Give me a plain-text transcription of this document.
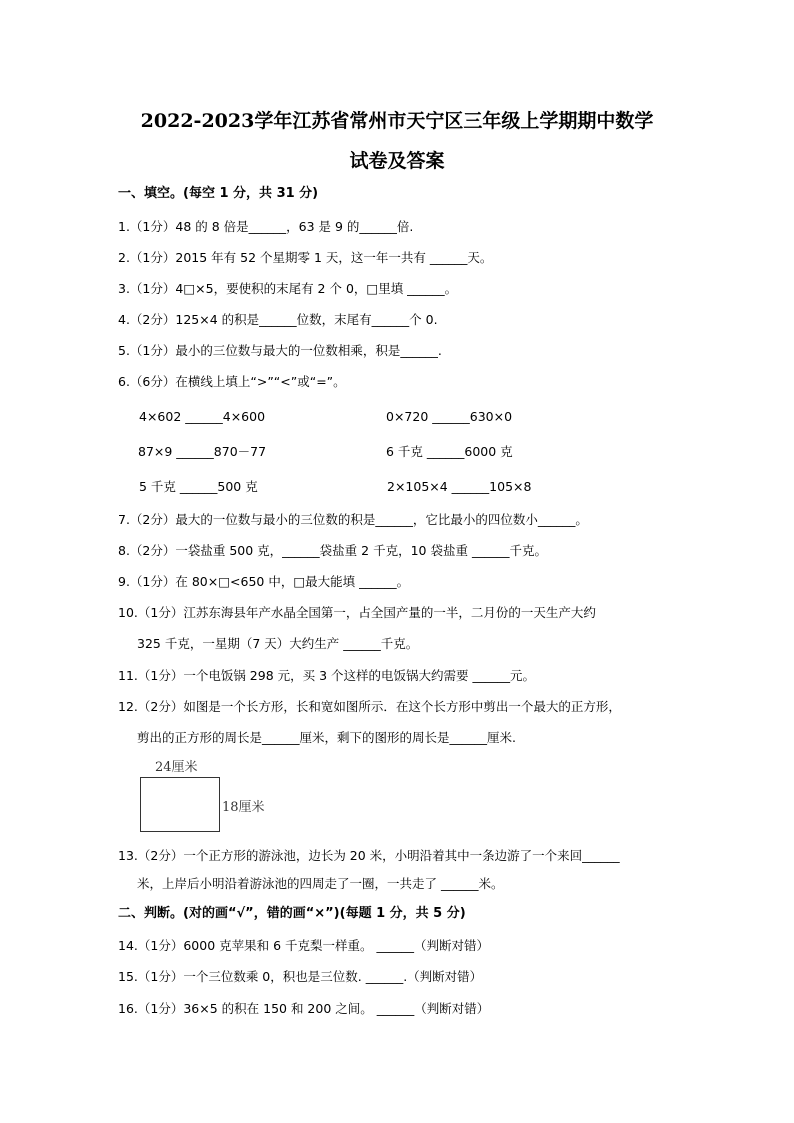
2022-2023学年江苏省常州市天宁区三年级上学期期中数学
试卷及答案
一、填空。(每空 1 分，共 31 分)
1.（1分）48 的 8 倍是______，63 是 9 的______倍.
2.（1分）2015 年有 52 个星期零 1 天，这一年一共有 ______天。
3.（1分）4□×5，要使积的末尾有 2 个 0，□里填 ______。
4.（2分）125×4 的积是______位数，末尾有______个 0.
5.（1分）最小的三位数与最大的一位数相乘，积是______.
6.（6分）在横线上填上“>”“<”或“=”。
4×602 ______4×600	0×720 ______630×0
87×9 ______870－77	6 千克 ______6000 克
5 千克 ______500 克	2×105×4 ______105×8
7.（2分）最大的一位数与最小的三位数的积是______，它比最小的四位数小______。
8.（2分）一袋盐重 500 克，______袋盐重 2 千克，10 袋盐重 ______千克。
9.（1分）在 80×□<650 中，□最大能填 ______。
10.（1分）江苏东海县年产水晶全国第一，占全国产量的一半，二月份的一天生产大约
325 千克，一星期（7 天）大约生产 ______千克。
11.（1分）一个电饭锅 298 元，买 3 个这样的电饭锅大约需要 ______元。
12.（2分）如图是一个长方形，长和宽如图所示．在这个长方形中剪出一个最大的正方形，
剪出的正方形的周长是______厘米，剩下的图形的周长是______厘米.
24厘米
18厘米
13.（2分）一个正方形的游泳池，边长为 20 米，小明沿着其中一条边游了一个来回______
米，上岸后小明沿着游泳池的四周走了一圈，一共走了 ______米。
二、判断。(对的画“√”，错的画“×”)(每题 1 分，共 5 分)
14.（1分）6000 克苹果和 6 千克梨一样重。 ______（判断对错）
15.（1分）一个三位数乘 0，积也是三位数. ______.（判断对错）
16.（1分）36×5 的积在 150 和 200 之间。 ______（判断对错）
